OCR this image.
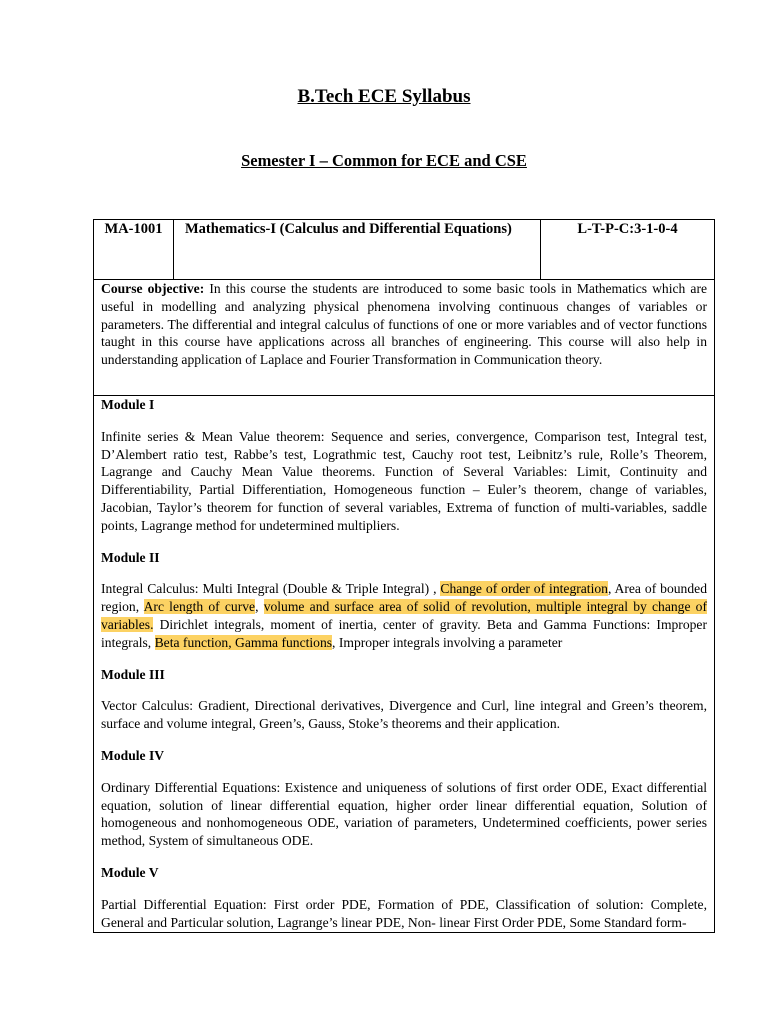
B.Tech ECE Syllabus
Semester I – Common for ECE and CSE
MA-1001	Mathematics-I (Calculus and Differential Equations)	L-T-P-C:3-1-0-4

Course objective: In this course the students are introduced to some basic tools in Mathematics which are useful in modelling and analyzing physical phenomena involving continuous changes of variables or parameters. The differential and integral calculus of functions of one or more variables and of vector functions taught in this course have applications across all branches of engineering. This course will also help in understanding application of Laplace and Fourier Transformation in Communication theory.

Module I

Infinite series & Mean Value theorem: Sequence and series, convergence, Comparison test, Integral test, D’Alembert ratio test, Rabbe’s test, Lograthmic test, Cauchy root test, Leibnitz’s rule, Rolle’s Theorem, Lagrange and Cauchy Mean Value theorems. Function of Several Variables: Limit, Continuity and Differentiability, Partial Differentiation, Homogeneous function – Euler’s theorem, change of variables, Jacobian, Taylor’s theorem for function of several variables, Extrema of function of multi-variables, saddle points, Lagrange method for undetermined multipliers.

Module II

Integral Calculus: Multi Integral (Double & Triple Integral) , Change of order of integration, Area of bounded region, Arc length of curve, volume and surface area of solid of revolution, multiple integral by change of variables. Dirichlet integrals, moment of inertia, center of gravity. Beta and Gamma Functions: Improper integrals, Beta function, Gamma functions, Improper integrals involving a parameter

Module III

Vector Calculus: Gradient, Directional derivatives, Divergence and Curl, line integral and Green’s theorem, surface and volume integral, Green’s, Gauss, Stoke’s theorems and their application.

Module IV

Ordinary Differential Equations: Existence and uniqueness of solutions of first order ODE, Exact differential equation, solution of linear differential equation, higher order linear differential equation, Solution of homogeneous and nonhomogeneous ODE, variation of parameters, Undetermined coefficients, power series method, System of simultaneous ODE.

Module V

Partial Differential Equation: First order PDE, Formation of PDE, Classification of solution: Complete, General and Particular solution, Lagrange’s linear PDE, Non- linear First Order PDE, Some Standard form-
